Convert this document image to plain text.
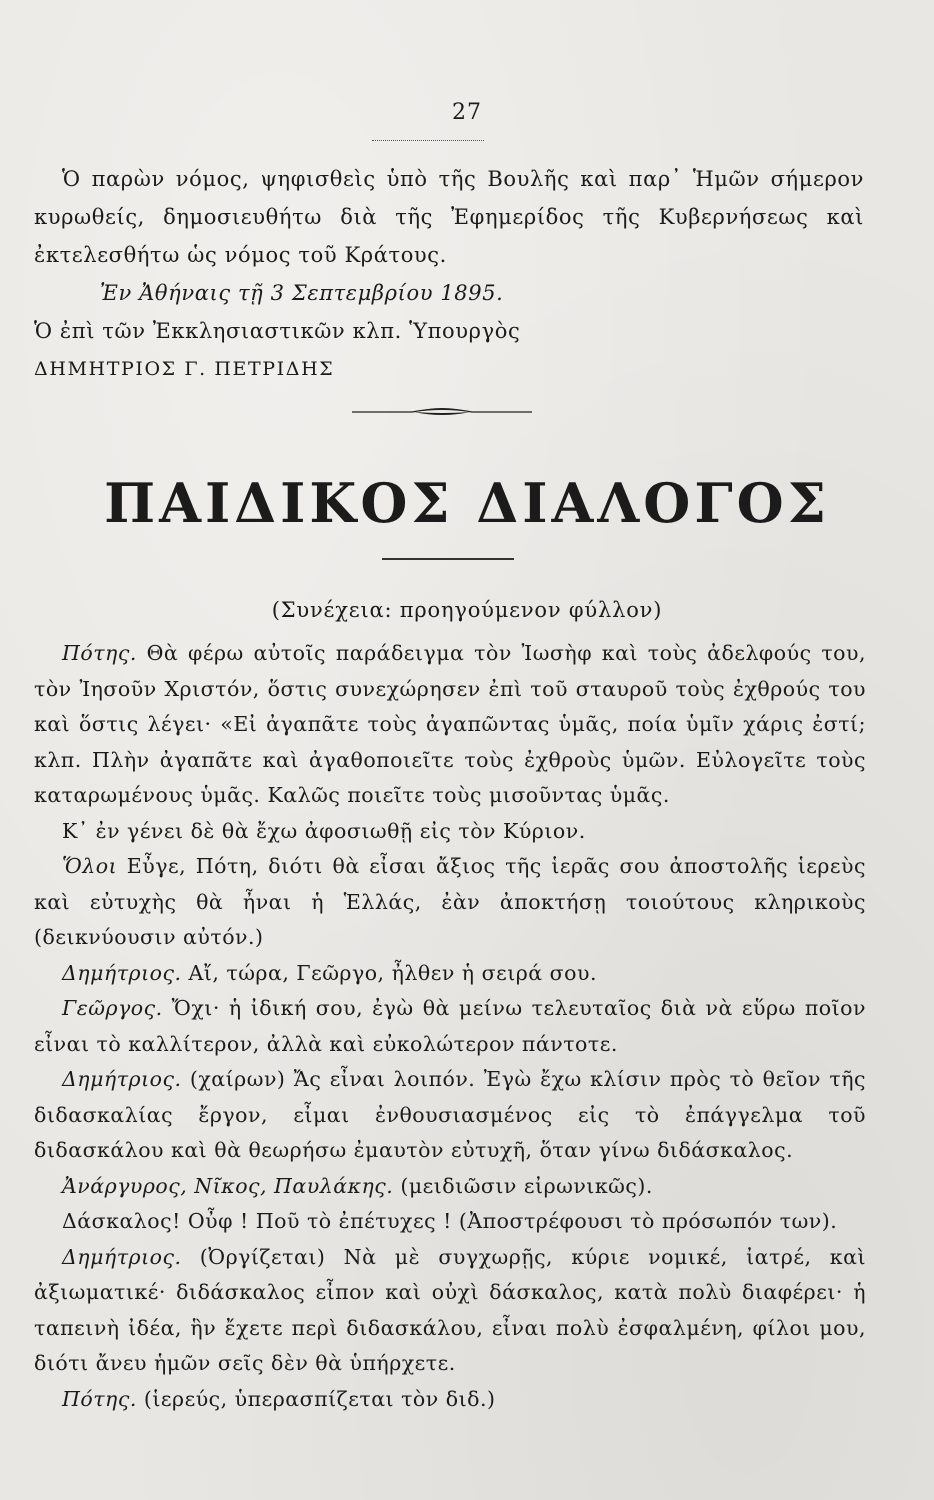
27

Ὁ παρὼν νόμος, ψηφισθεὶς ὑπὸ τῆς Βουλῆς καὶ παρ᾽ Ἡμῶν σήμερον κυρωθείς, δημοσιευθήτω διὰ τῆς Ἐφημερίδος τῆς Κυβερνήσεως καὶ ἐκτελεσθήτω ὡς νόμος τοῦ Κράτους.

Ἐν Ἀθήναις τῇ 3 Σεπτεμβρίου 1895.

Ὁ ἐπὶ τῶν Ἐκκλησιαστικῶν κλπ. Ὑπουργὸς

ΔΗΜΗΤΡΙΟΣ Γ. ΠΕΤΡΙΔΗΣ

ΠΑΙΔΙΚΟΣ ΔΙΑΛΟΓΟΣ
(Συνέχεια: προηγούμενον φύλλον)

Πότης. Θὰ φέρω αὐτοῖς παράδειγμα τὸν Ἰωσὴφ καὶ τοὺς ἀδελφούς του, τὸν Ἰησοῦν Χριστόν, ὅστις συνεχώρησεν ἐπὶ τοῦ σταυροῦ τοὺς ἐχθρούς του καὶ ὅστις λέγει· «Εἰ ἀγαπᾶτε τοὺς ἀγαπῶντας ὑμᾶς, ποία ὑμῖν χάρις ἐστί; κλπ. Πλὴν ἀγαπᾶτε καὶ ἀγαθοποιεῖτε τοὺς ἐχθροὺς ὑμῶν. Εὐλογεῖτε τοὺς καταρωμένους ὑμᾶς. Καλῶς ποιεῖτε τοὺς μισοῦντας ὑμᾶς.

Κ᾽ ἐν γένει δὲ θὰ ἔχω ἀφοσιωθῇ εἰς τὸν Κύριον.

Ὅλοι Εὖγε, Πότη, διότι θὰ εἶσαι ἄξιος τῆς ἱερᾶς σου ἀποστολῆς ἱερεὺς καὶ εὐτυχὴς θὰ ἦναι ἡ Ἑλλάς, ἐὰν ἀποκτήσῃ τοιούτους κληρικοὺς (δεικνύουσιν αὐτόν.)

Δημήτριος. Αἴ, τώρα, Γεῶργο, ἦλθεν ἡ σειρά σου.

Γεῶργος. Ὄχι· ἡ ἰδική σου, ἐγὼ θὰ μείνω τελευταῖος διὰ νὰ εὕρω ποῖον εἶναι τὸ καλλίτερον, ἀλλὰ καὶ εὐκολώτερον πάντοτε.

Δημήτριος. (χαίρων) Ἄς εἶναι λοιπόν. Ἐγὼ ἔχω κλίσιν πρὸς τὸ θεῖον τῆς διδασκαλίας ἔργον, εἶμαι ἐνθουσιασμένος εἰς τὸ ἐπάγγελμα τοῦ διδασκάλου καὶ θὰ θεωρήσω ἐμαυτὸν εὐτυχῆ, ὅταν γίνω διδάσκαλος.

Ἀνάργυρος, Νῖκος, Παυλάκης. (μειδιῶσιν εἰρωνικῶς).

Δάσκαλος! Οὖφ ! Ποῦ τὸ ἐπέτυχες ! (Ἀποστρέφουσι τὸ πρόσωπόν των).

Δημήτριος. (Ὀργίζεται) Νὰ μὲ συγχωρῇς, κύριε νομικέ, ἰατρέ, καὶ ἀξιωματικέ· διδάσκαλος εἶπον καὶ οὐχὶ δάσκαλος, κατὰ πολὺ διαφέρει· ἡ ταπεινὴ ἰδέα, ἣν ἔχετε περὶ διδασκάλου, εἶναι πολὺ ἐσφαλμένη, φίλοι μου, διότι ἄνευ ἡμῶν σεῖς δὲν θὰ ὑπήρχετε.

Πότης. (ἱερεύς, ὑπερασπίζεται τὸν διδ.)
